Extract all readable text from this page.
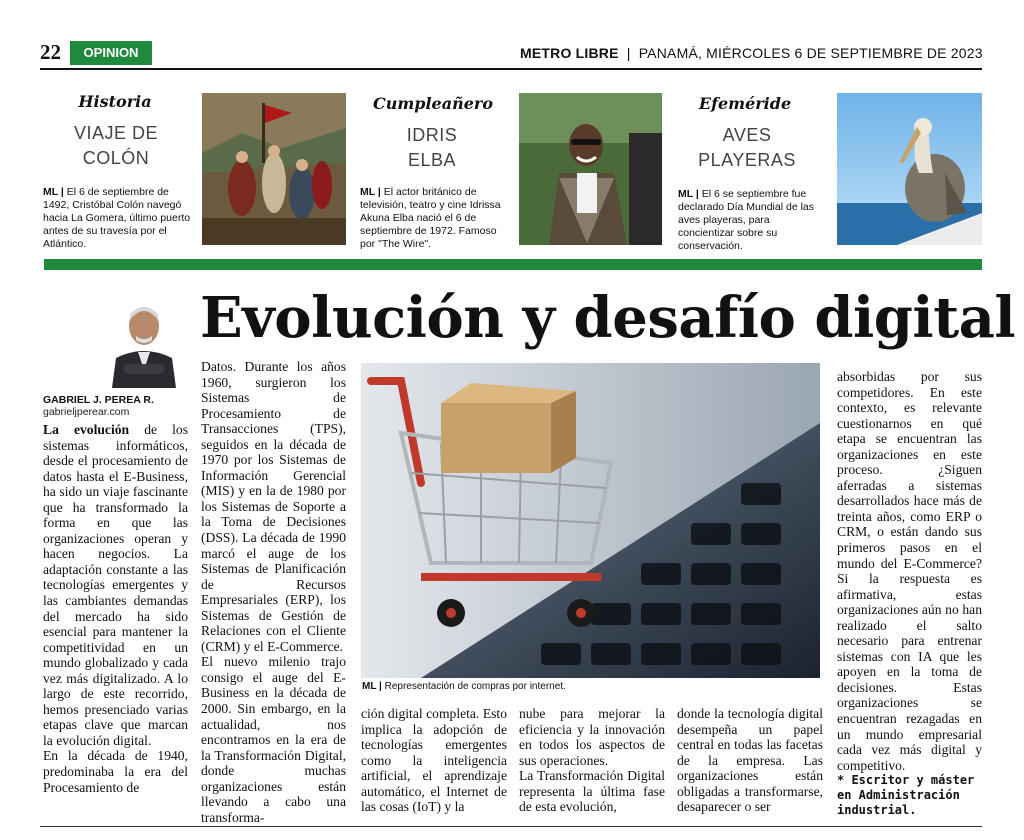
22	OPINION	METRO LIBRE | PANAMÁ, MIÉRCOLES 6 DE SEPTIEMBRE DE 2023
Historia
VIAJE DE
COLÓN
ML | El 6 de septiembre de 1492, Cristóbal Colón navegó hacia La Gomera, último puerto antes de su travesía por el Atlántico.
Cumpleañero
IDRIS
ELBA
ML | El actor británico de televisión, teatro y cine Idrissa Akuna Elba nació el 6 de septiembre de 1972. Famoso por "The Wire".
Efeméride
AVES
PLAYERAS
ML | El 6 se septiembre fue declarado Día Mundial de las aves playeras, para concientizar sobre su conservación.
Evolución y desafío digital
GABRIEL J. PEREA R.
gabrieljperear.com

La evolución de los sistemas informáticos, desde el procesamiento de datos hasta el E-Business, ha sido un viaje fascinante que ha transformado la forma en que las organizaciones operan y hacen negocios. La adaptación constante a las tecnologías emergentes y las cambiantes demandas del mercado ha sido esencial para mantener la competitividad en un mundo globalizado y cada vez más digitalizado. A lo largo de este recorrido, hemos presenciado varias etapas clave que marcan la evolución digital.

En la década de 1940, predominaba la era del Procesamiento de

Datos. Durante los años 1960, surgieron los Sistemas de Procesamiento de Transacciones (TPS), seguidos en la década de 1970 por los Sistemas de Información Gerencial (MIS) y en la de 1980 por los Sistemas de Soporte a la Toma de Decisiones (DSS). La década de 1990 marcó el auge de los Sistemas de Planificación de Recursos Empresariales (ERP), los Sistemas de Gestión de Relaciones con el Cliente (CRM) y el E-Commerce.

El nuevo milenio trajo consigo el auge del E-Business en la década de 2000. Sin embargo, en la actualidad, nos encontramos en la era de la Transformación Digital, donde muchas organizaciones están llevando a cabo una transforma-

ML | Representación de compras por internet.

ción digital completa. Esto implica la adopción de tecnologías emergentes como la inteligencia artificial, el aprendizaje automático, el Internet de las cosas (IoT) y la

nube para mejorar la eficiencia y la innovación en todos los aspectos de sus operaciones.

La Transformación Digital representa la última fase de esta evolución,

donde la tecnología digital desempeña un papel central en todas las facetas de la empresa. Las organizaciones están obligadas a transformarse, desaparecer o ser

absorbidas por sus competidores. En este contexto, es relevante cuestionarnos en qué etapa se encuentran las organizaciones en este proceso. ¿Siguen aferradas a sistemas desarrollados hace más de treinta años, como ERP o CRM, o están dando sus primeros pasos en el mundo del E-Commerce? Si la respuesta es afirmativa, estas organizaciones aún no han realizado el salto necesario para entrenar sistemas con IA que les apoyen en la toma de decisiones. Estas organizaciones se encuentran rezagadas en un mundo empresarial cada vez más digital y competitivo.

* Escritor y máster en Administración industrial.
